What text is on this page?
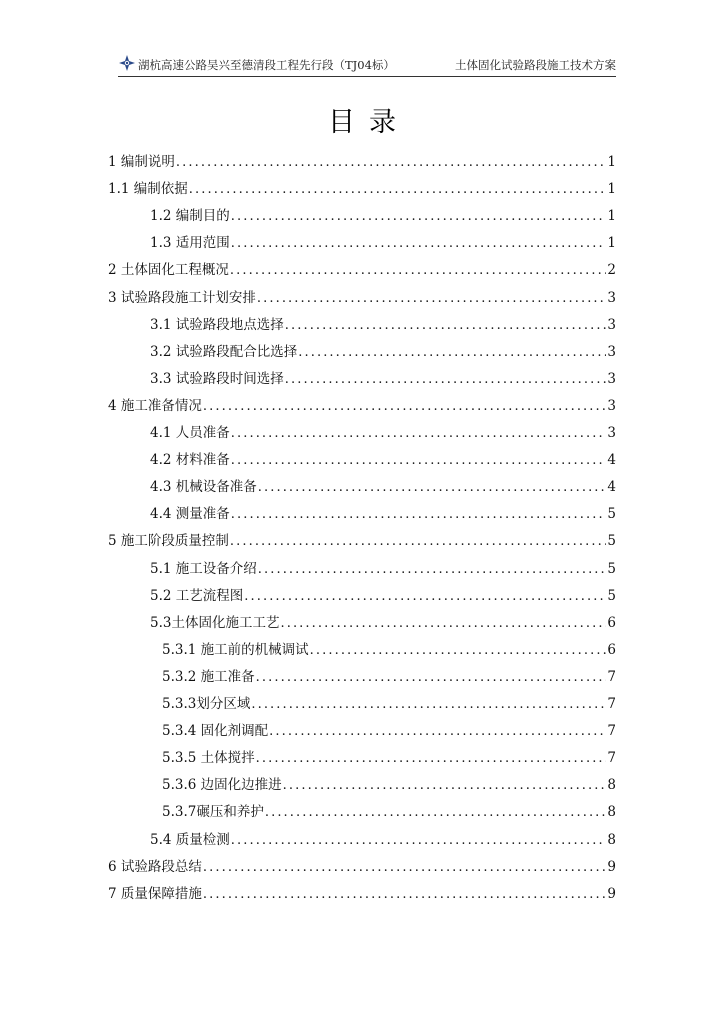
湖杭高速公路吴兴至德清段工程先行段（TJ04标）	土体固化试验路段施工技术方案
目录
1 编制说明 .....	1
1.1 编制依据 .....	1
1.2 编制目的 .....	1
1.3 适用范围 .....	1
2 土体固化工程概况 .....	2
3 试验路段施工计划安排 .....	3
3.1 试验路段地点选择 .....	3
3.2 试验路段配合比选择 .....	3
3.3 试验路段时间选择 .....	3
4 施工准备情况 .....	3
4.1 人员准备 .....	3
4.2 材料准备 .....	4
4.3 机械设备准备 .....	4
4.4 测量准备 .....	5
5 施工阶段质量控制 .....	5
5.1 施工设备介绍 .....	5
5.2 工艺流程图 .....	5
5.3土体固化施工工艺 .....	6
5.3.1 施工前的机械调试 .....	6
5.3.2 施工准备 .....	7
5.3.3划分区域 .....	7
5.3.4 固化剂调配 .....	7
5.3.5 土体搅拌 .....	7
5.3.6 边固化边推进 .....	8
5.3.7碾压和养护 .....	8
5.4 质量检测 .....	8
6 试验路段总结 .....	9
7 质量保障措施 .....	9
